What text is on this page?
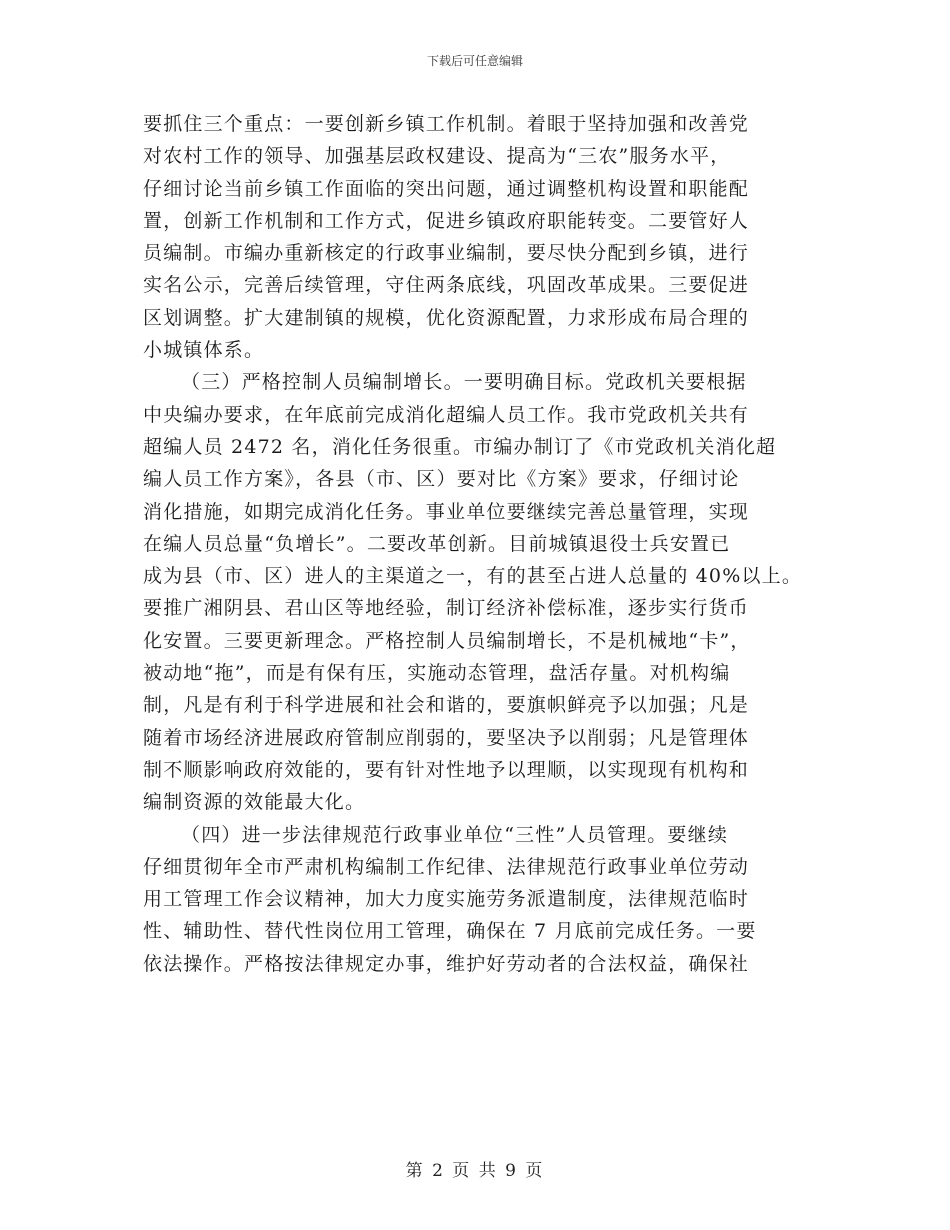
下载后可任意编辑
要抓住三个重点：一要创新乡镇工作机制。着眼于坚持加强和改善党
对农村工作的领导、加强基层政权建设、提高为“三农”服务水平，
仔细讨论当前乡镇工作面临的突出问题，通过调整机构设置和职能配
置，创新工作机制和工作方式，促进乡镇政府职能转变。二要管好人
员编制。市编办重新核定的行政事业编制，要尽快分配到乡镇，进行
实名公示，完善后续管理，守住两条底线，巩固改革成果。三要促进
区划调整。扩大建制镇的规模，优化资源配置，力求形成布局合理的
小城镇体系。
（三）严格控制人员编制增长。一要明确目标。党政机关要根据
中央编办要求，在年底前完成消化超编人员工作。我市党政机关共有
超编人员 2472 名，消化任务很重。市编办制订了《市党政机关消化超
编人员工作方案》，各县（市、区）要对比《方案》要求，仔细讨论
消化措施，如期完成消化任务。事业单位要继续完善总量管理，实现
在编人员总量“负增长”。二要改革创新。目前城镇退役士兵安置已
成为县（市、区）进人的主渠道之一，有的甚至占进人总量的 40%以上。
要推广湘阴县、君山区等地经验，制订经济补偿标准，逐步实行货币
化安置。三要更新理念。严格控制人员编制增长，不是机械地“卡”，
被动地“拖”，而是有保有压，实施动态管理，盘活存量。对机构编
制，凡是有利于科学进展和社会和谐的，要旗帜鲜亮予以加强；凡是
随着市场经济进展政府管制应削弱的，要坚决予以削弱；凡是管理体
制不顺影响政府效能的，要有针对性地予以理顺，以实现现有机构和
编制资源的效能最大化。
（四）进一步法律规范行政事业单位“三性”人员管理。要继续
仔细贯彻年全市严肃机构编制工作纪律、法律规范行政事业单位劳动
用工管理工作会议精神，加大力度实施劳务派遣制度，法律规范临时
性、辅助性、替代性岗位用工管理，确保在 7 月底前完成任务。一要
依法操作。严格按法律规定办事，维护好劳动者的合法权益，确保社
第 2 页 共 9 页
